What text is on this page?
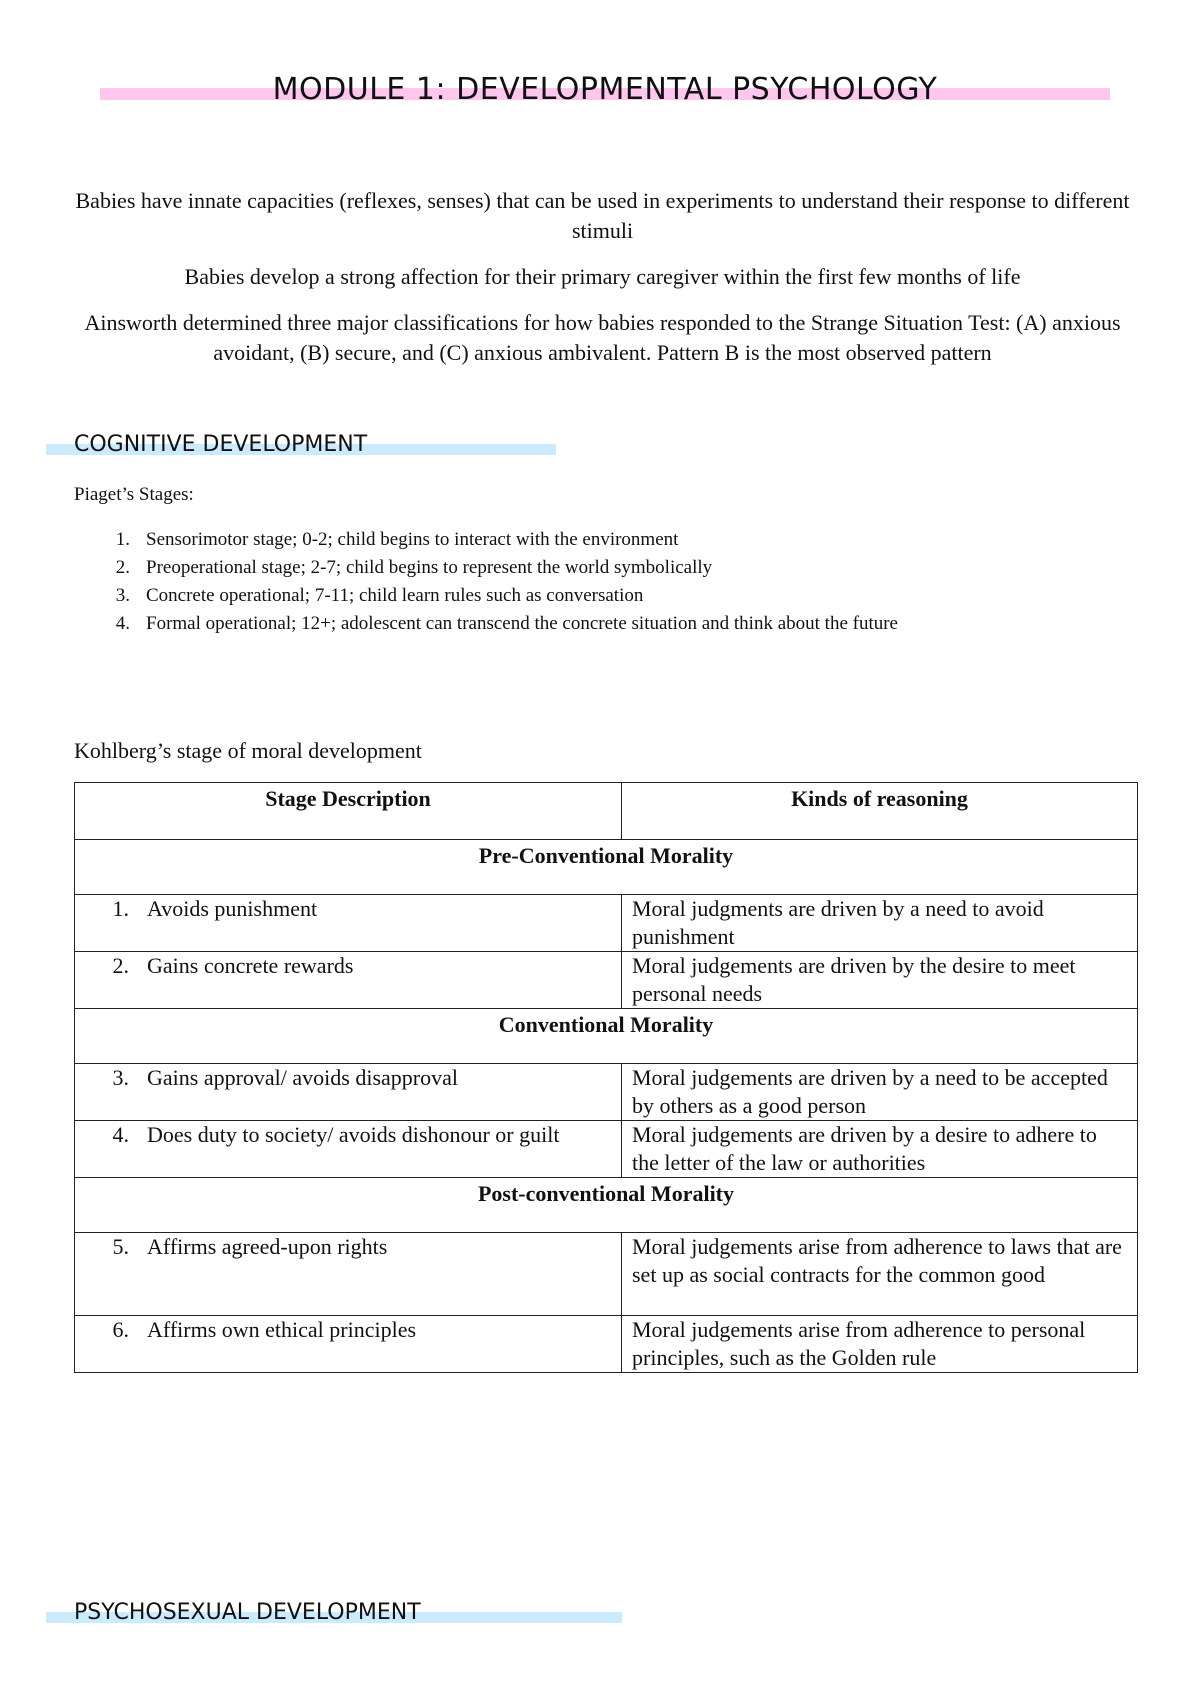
MODULE 1: DEVELOPMENTAL PSYCHOLOGY

Babies have innate capacities (reflexes, senses) that can be used in experiments to understand their response to different stimuli

Babies develop a strong affection for their primary caregiver within the first few months of life

Ainsworth determined three major classifications for how babies responded to the Strange Situation Test: (A) anxious avoidant, (B) secure, and (C) anxious ambivalent. Pattern B is the most observed pattern

COGNITIVE DEVELOPMENT
Piaget’s Stages:
1. Sensorimotor stage; 0-2; child begins to interact with the environment
2. Preoperational stage; 2-7; child begins to represent the world symbolically
3. Concrete operational; 7-11; child learn rules such as conversation
4. Formal operational; 12+; adolescent can transcend the concrete situation and think about the future
Kohlberg’s stage of moral development
Stage Description	Kinds of reasoning
Pre-Conventional Morality	

1. Avoids punishment	Moral judgments are driven by a need to avoid punishment

2. Gains concrete rewards	Moral judgements are driven by the desire to meet personal needs
Conventional Morality	

3. Gains approval/ avoids disapproval	Moral judgements are driven by a need to be accepted by others as a good person

4. Does duty to society/ avoids dishonour or guilt	Moral judgements are driven by a desire to adhere to the letter of the law or authorities
Post-conventional Morality	

5. Affirms agreed-upon rights	Moral judgements arise from adherence to laws that are set up as social contracts for the common good

6. Affirms own ethical principles	Moral judgements arise from adherence to personal principles, such as the Golden rule
PSYCHOSEXUAL DEVELOPMENT
